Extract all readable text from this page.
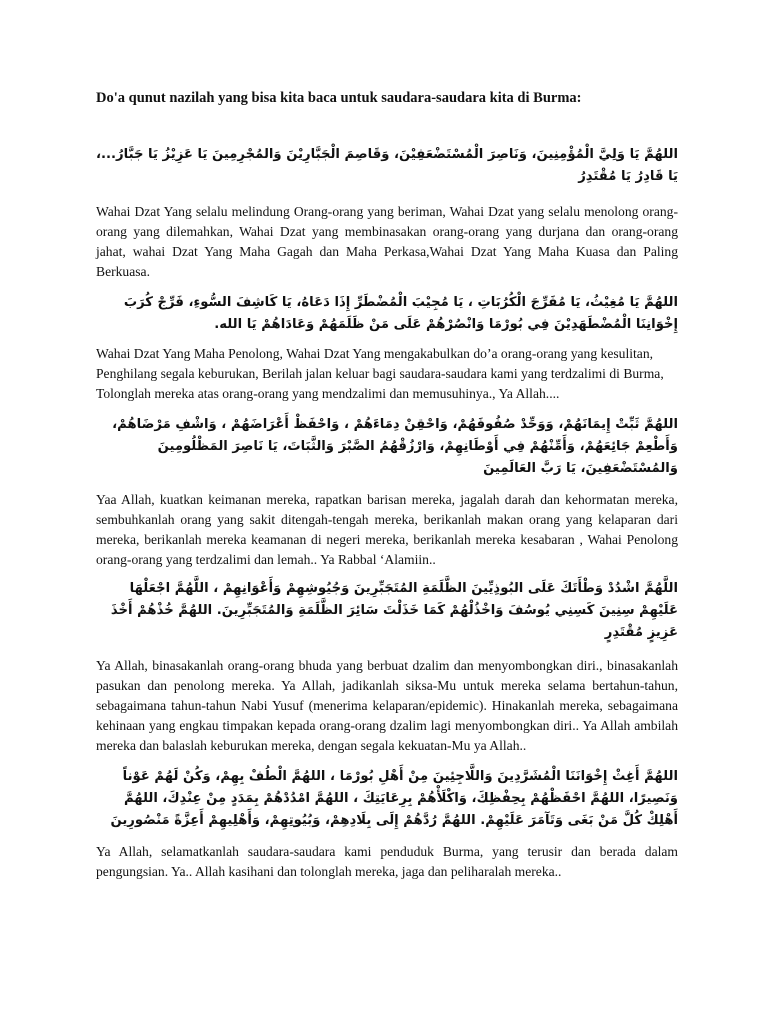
Do'a qunut nazilah yang bisa kita baca untuk saudara-saudara kita di Burma:

اللهُمَّ يَا وَلِيَّ الْمُؤْمِنِينَ، وَنَاصِرَ الْمُسْتَضْعَفِيْنَ، وَقَاصِمَ الْجَبَّارِيْنَ وَالمُجْرِمِينَ يَا عَزِيْزُ يَا جَبَّارُ...، يَا قَادِرُ يَا مُقْتَدِرُ

Wahai Dzat Yang selalu melindung Orang-orang yang beriman, Wahai Dzat yang selalu menolong orang-orang yang dilemahkan, Wahai Dzat yang membinasakan orang-orang yang durjana dan orang-orang jahat, wahai Dzat Yang Maha Gagah dan Maha Perkasa,Wahai Dzat Yang Maha Kuasa dan Paling Berkuasa.

اللهُمَّ يَا مُغِيْثُ، يَا مُفَرِّجَ الْكُرُبَاتِ ، يَا مُجِيْبَ الْمُضْطَرِّ إِذَا دَعَاهُ، يَا كَاشِفَ السُّوءِ، فَرِّجْ كُرَبَ إِخْوَانِنَا الْمُضْطَهَدِيْنَ فِي بُورْمَا وَانْصُرْهُمْ عَلَى مَنْ ظَلَمَهُمْ وَعَادَاهُمْ يَا الله.

Wahai Dzat Yang Maha Penolong, Wahai Dzat Yang mengakabulkan do’a orang-orang yang kesulitan, Penghilang segala keburukan, Berilah jalan keluar bagi saudara-saudara kami yang terdzalimi di Burma, Tolonglah mereka atas orang-orang yang mendzalimi dan memusuhinya., Ya Allah....

اللهُمَّ ثَبِّتْ إِيمَانَهُمْ، وَوَحِّدْ صُفُوفَهُمْ، وَاحْقِنْ دِمَاءَهُمْ ، وَاحْفَظْ أَعْرَاضَهُمْ ، وَاشْفِ مَرْضَاهُمْ، وَأَطْعِمْ جَائِعَهُمْ، وَأَمِّنْهُمْ فِي أَوْطَانِهِمْ، وَارْزُقْهُمُ الصَّبْرَ وَالثَّبَاتَ، يَا نَاصِرَ المَظْلُومِينَ وَالمُسْتَضْعَفِينَ، يَا رَبَّ العَالَمِينَ

Yaa Allah, kuatkan keimanan mereka, rapatkan barisan mereka, jagalah darah dan kehormatan mereka, sembuhkanlah orang yang sakit ditengah-tengah mereka, berikanlah makan orang yang kelaparan dari mereka, berikanlah mereka keamanan di negeri mereka, berikanlah mereka kesabaran , Wahai Penolong orang-orang yang terdzalimi dan lemah.. Ya Rabbal ‘Alamiin..

اللَّهُمَّ اشْدُدْ وَطْأَتَكَ عَلَى البُوذِيِّينَ الظَّلَمَةِ المُتَجَبِّرِينَ وَجُيُوشِهِمْ وَأَعْوَانِهِمْ ، اللَّهُمَّ اجْعَلْهَا عَلَيْهِمْ سِنِينَ كَسِنِي يُوسُفَ وَاخْذُلْهُمْ كَمَا خَذَلْتَ سَائِرَ الظَّلَمَةِ وَالمُتَجَبِّرِينَ. اللهُمَّ خُذْهُمْ أَخْذَ عَزِيزٍ مُقْتَدِرٍ

Ya Allah, binasakanlah orang-orang bhuda yang berbuat dzalim dan menyombongkan diri., binasakanlah pasukan dan penolong mereka. Ya Allah, jadikanlah siksa-Mu untuk mereka selama bertahun-tahun, sebagaimana tahun-tahun Nabi Yusuf (menerima kelaparan/epidemic). Hinakanlah mereka, sebagaimana kehinaan yang engkau timpakan kepada orang-orang dzalim lagi menyombongkan diri.. Ya Allah ambilah mereka dan balaslah keburukan mereka, dengan segala kekuatan-Mu ya Allah..

اللهُمَّ أَغِثْ إِخْوَانَنَا الْمُشَرَّدِينَ وَاللَّاجِئِينَ مِنْ أَهْلِ بُورْمَا ، اللهُمَّ الْطُفْ بِهِمْ، وَكُنْ لَهُمْ عَوْناً وَنَصِيرًا، اللهُمَّ احْفَظْهُمْ بِحِفْظِكَ، وَاكْلَأْهُمْ بِرِعَايَتِكَ ، اللهُمَّ امْدُدْهُمْ بِمَدَدٍ مِنْ عِنْدِكَ، اللهُمَّ أَهْلِكْ كُلَّ مَنْ بَغَى وَتَآمَرَ عَلَيْهِمْ. اللهُمَّ رُدَّهُمْ إِلَى بِلَادِهِمْ، وَبُيُوتِهِمْ، وَأَهْلِيهِمْ أَعِزَّةً مَنْصُورِينَ

Ya Allah, selamatkanlah saudara-saudara kami penduduk Burma, yang terusir dan berada dalam pengungsian. Ya.. Allah kasihani dan tolonglah mereka, jaga dan peliharalah mereka..
